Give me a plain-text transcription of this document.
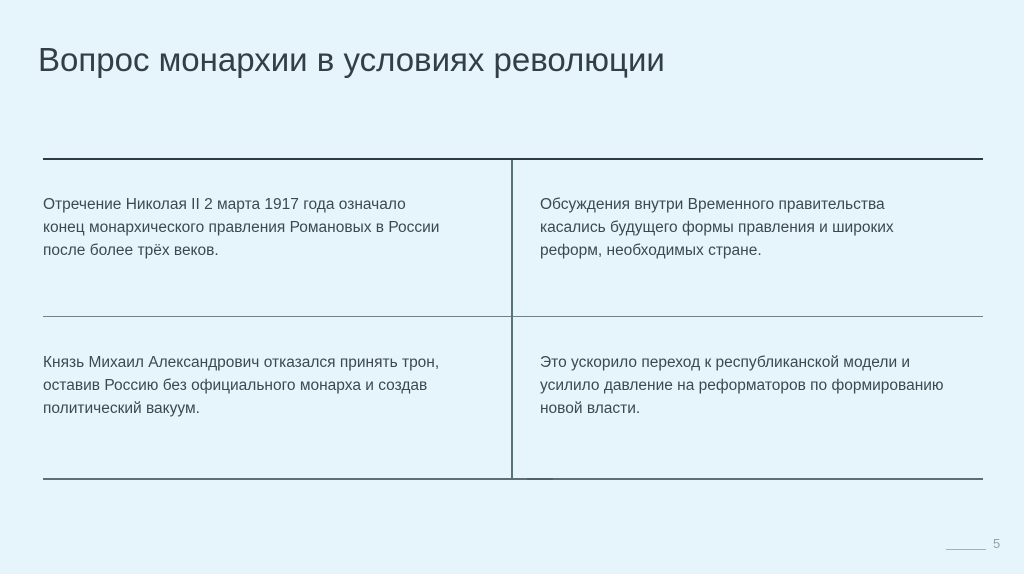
Вопрос монархии в условиях революции
Отречение Николая II 2 марта 1917 года означало
конец монархического правления Романовых в России
после более трёх веков.
Обсуждения внутри Временного правительства
касались будущего формы правления и широких
реформ, необходимых стране.
Князь Михаил Александрович отказался принять трон,
оставив Россию без официального монарха и создав
политический вакуум.
Это ускорило переход к республиканской модели и
усилило давление на реформаторов по формированию
новой власти.
5
